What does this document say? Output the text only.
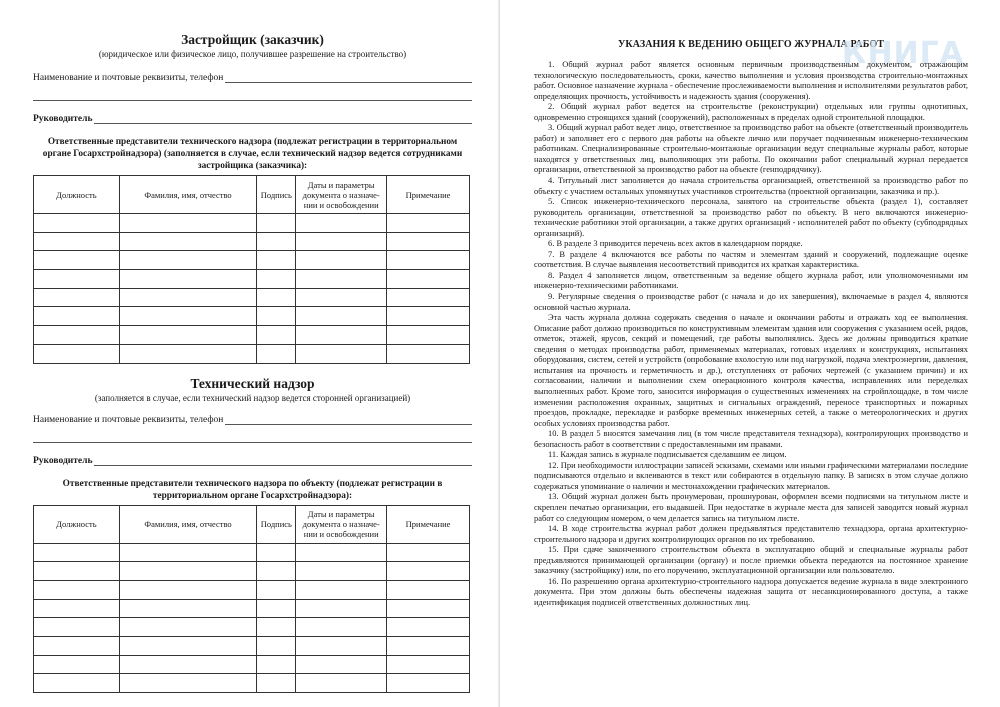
Застройщик (заказчик)
(юридическое или физическое лицо, получившее разрешение на строительство)
Наименование и почтовые реквизиты, телефон
Руководитель
Ответственные представители технического надзора (подлежат регистрации в территориальном органе Госархстройнадзора) (заполняется в случае, если технический надзор ведется сотрудниками застройщика (заказчика):
Должность	Фамилия, имя, отчество	Подпись	Даты и параметры документа о назначе-нии и освобождении	Примечание

Технический надзор
(заполняется в случае, если технический надзор ведется сторонней организацией)
Наименование и почтовые реквизиты, телефон
Руководитель
Ответственные представители технического надзора по объекту (подлежат регистрации в территориальном органе Госархстройнадзора):
Должность	Фамилия, имя, отчество	Подпись	Даты и параметры документа о назначе-нии и освобождении	Примечание

КНИГА
УКАЗАНИЯ К ВЕДЕНИЮ ОБЩЕГО ЖУРНАЛА РАБОТ

1. Общий журнал работ является основным первичным производственным документом, отражающим технологическую последовательность, сроки, качество выполнения и условия производства строительно-монтажных работ. Основное назначение журнала - обеспечение прослеживаемости выполнения и исполнителями результатов работ, определяющих прочность, устойчивость и надежность здания (сооружения).

2. Общий журнал работ ведется на строительстве (реконструкции) отдельных или группы однотипных, одновременно строящихся зданий (сооружений), расположенных в пределах одной строительной площадки.

3. Общий журнал работ ведет лицо, ответственное за производство работ на объекте (ответственный производитель работ) и заполняет его с первого дня работы на объекте лично или поручает подчиненным инженерно-техническим работникам. Специализированные строительно-монтажные организации ведут специальные журналы работ, которые находятся у ответственных лиц, выполняющих эти работы. По окончании работ специальный журнал передается организации, ответственной за производство работ на объекте (генподрядчику).

4. Титульный лист заполняется до начала строительства организацией, ответственной за производство работ по объекту с участием остальных упомянутых участников строительства (проектной организации, заказчика и пр.).

5. Список инженерно-технического персонала, занятого на строительстве объекта (раздел 1), составляет руководитель организации, ответственной за производство работ по объекту. В него включаются инженерно-технические работники этой организации, а также других организаций - исполнителей работ по объекту (субподрядных организаций).

6. В разделе 3 приводится перечень всех актов в календарном порядке.

7. В разделе 4 включаются все работы по частям и элементам зданий и сооружений, подлежащие оценке соответствия. В случае выявления несоответствий приводится их краткая характеристика.

8. Раздел 4 заполняется лицом, ответственным за ведение общего журнала работ, или уполномоченными им инженерно-техническими работниками.

9. Регулярные сведения о производстве работ (с начала и до их завершения), включаемые в раздел 4, являются основной частью журнала.

Эта часть журнала должна содержать сведения о начале и окончании работы и отражать ход ее выполнения. Описание работ должно производиться по конструктивным элементам здания или сооружения с указанием осей, рядов, отметок, этажей, ярусов, секций и помещений, где работы выполнялись. Здесь же должны приводиться краткие сведения о методах производства работ, применяемых материалах, готовых изделиях и конструкциях, испытаниях оборудования, систем, сетей и устройств (опробование вхолостую или под нагрузкой, подача электроэнергии, давления, испытания на прочность и герметичность и др.), отступлениях от рабочих чертежей (с указанием причин) и их согласовании, наличии и выполнении схем операционного контроля качества, исправлениях или переделках выполненных работ. Кроме того, заносится информация о существенных изменениях на стройплощадке, в том числе изменении расположения охранных, защитных и сигнальных ограждений, переносе транспортных и пожарных проездов, прокладке, перекладке и разборке временных инженерных сетей, а также о метеорологических и других особых условиях производства работ.

10. В раздел 5 вносятся замечания лиц (в том числе представителя технадзора), контролирующих производство и безопасность работ в соответствии с предоставленными им правами.

11. Каждая запись в журнале подписывается сделавшим ее лицом.

12. При необходимости иллюстрации записей эскизами, схемами или иными графическими материалами последние подписываются отдельно и вклеиваются в текст или собираются в отдельную папку. В записях в этом случае должно содержаться упоминание о наличии и местонахождении графических материалов.

13. Общий журнал должен быть пронумерован, прошнурован, оформлен всеми подписями на титульном листе и скреплен печатью организации, его выдавшей. При недостатке в журнале места для записей заводится новый журнал работ со следующим номером, о чем делается запись на титульном листе.

14. В ходе строительства журнал работ должен предъявляться представителю технадзора, органа архитектурно-строительного надзора и других контролирующих органов по их требованию.

15. При сдаче законченного строительством объекта в эксплуатацию общий и специальные журналы работ предъявляются принимающей организации (органу) и после приемки объекта передаются на постоянное хранение заказчику (застройщику) или, по его поручению, эксплуатационной организации или пользователю.

16. По разрешению органа архитектурно-строительного надзора допускается ведение журнала в виде электронного документа. При этом должны быть обеспечены надежная защита от несанкционированного доступа, а также идентификация подписей ответственных должностных лиц.
